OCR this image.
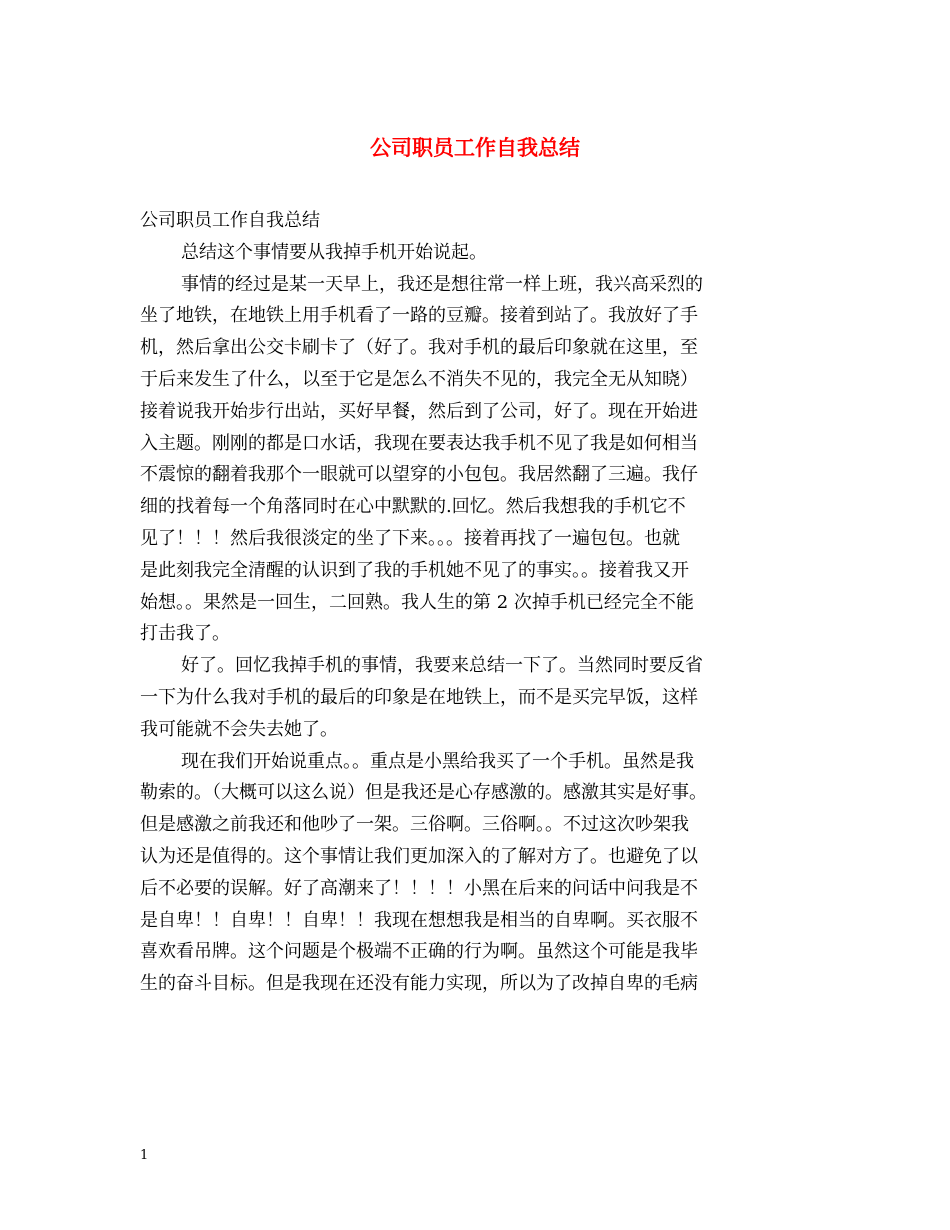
公司职员工作自我总结
公司职员工作自我总结
总结这个事情要从我掉手机开始说起。
事情的经过是某一天早上，我还是想往常一样上班，我兴高采烈的
坐了地铁，在地铁上用手机看了一路的豆瓣。接着到站了。我放好了手
机，然后拿出公交卡刷卡了（好了。我对手机的最后印象就在这里，至
于后来发生了什么，以至于它是怎么不消失不见的，我完全无从知晓）
接着说我开始步行出站，买好早餐，然后到了公司，好了。现在开始进
入主题。刚刚的都是口水话，我现在要表达我手机不见了我是如何相当
不震惊的翻着我那个一眼就可以望穿的小包包。我居然翻了三遍。我仔
细的找着每一个角落同时在心中默默的.回忆。然后我想我的手机它不
见了！！！然后我很淡定的坐了下来。。。接着再找了一遍包包。也就
是此刻我完全清醒的认识到了我的手机她不见了的事实。。接着我又开
始想。。果然是一回生，二回熟。我人生的第 2 次掉手机已经完全不能
打击我了。
好了。回忆我掉手机的事情，我要来总结一下了。当然同时要反省
一下为什么我对手机的最后的印象是在地铁上，而不是买完早饭，这样
我可能就不会失去她了。
现在我们开始说重点。。重点是小黑给我买了一个手机。虽然是我
勒索的。（大概可以这么说）但是我还是心存感激的。感激其实是好事。
但是感激之前我还和他吵了一架。三俗啊。三俗啊。。不过这次吵架我
认为还是值得的。这个事情让我们更加深入的了解对方了。也避免了以
后不必要的误解。好了高潮来了！！！！小黑在后来的问话中问我是不
是自卑！！自卑！！自卑！！我现在想想我是相当的自卑啊。买衣服不
喜欢看吊牌。这个问题是个极端不正确的行为啊。虽然这个可能是我毕
生的奋斗目标。但是我现在还没有能力实现，所以为了改掉自卑的毛病
1
